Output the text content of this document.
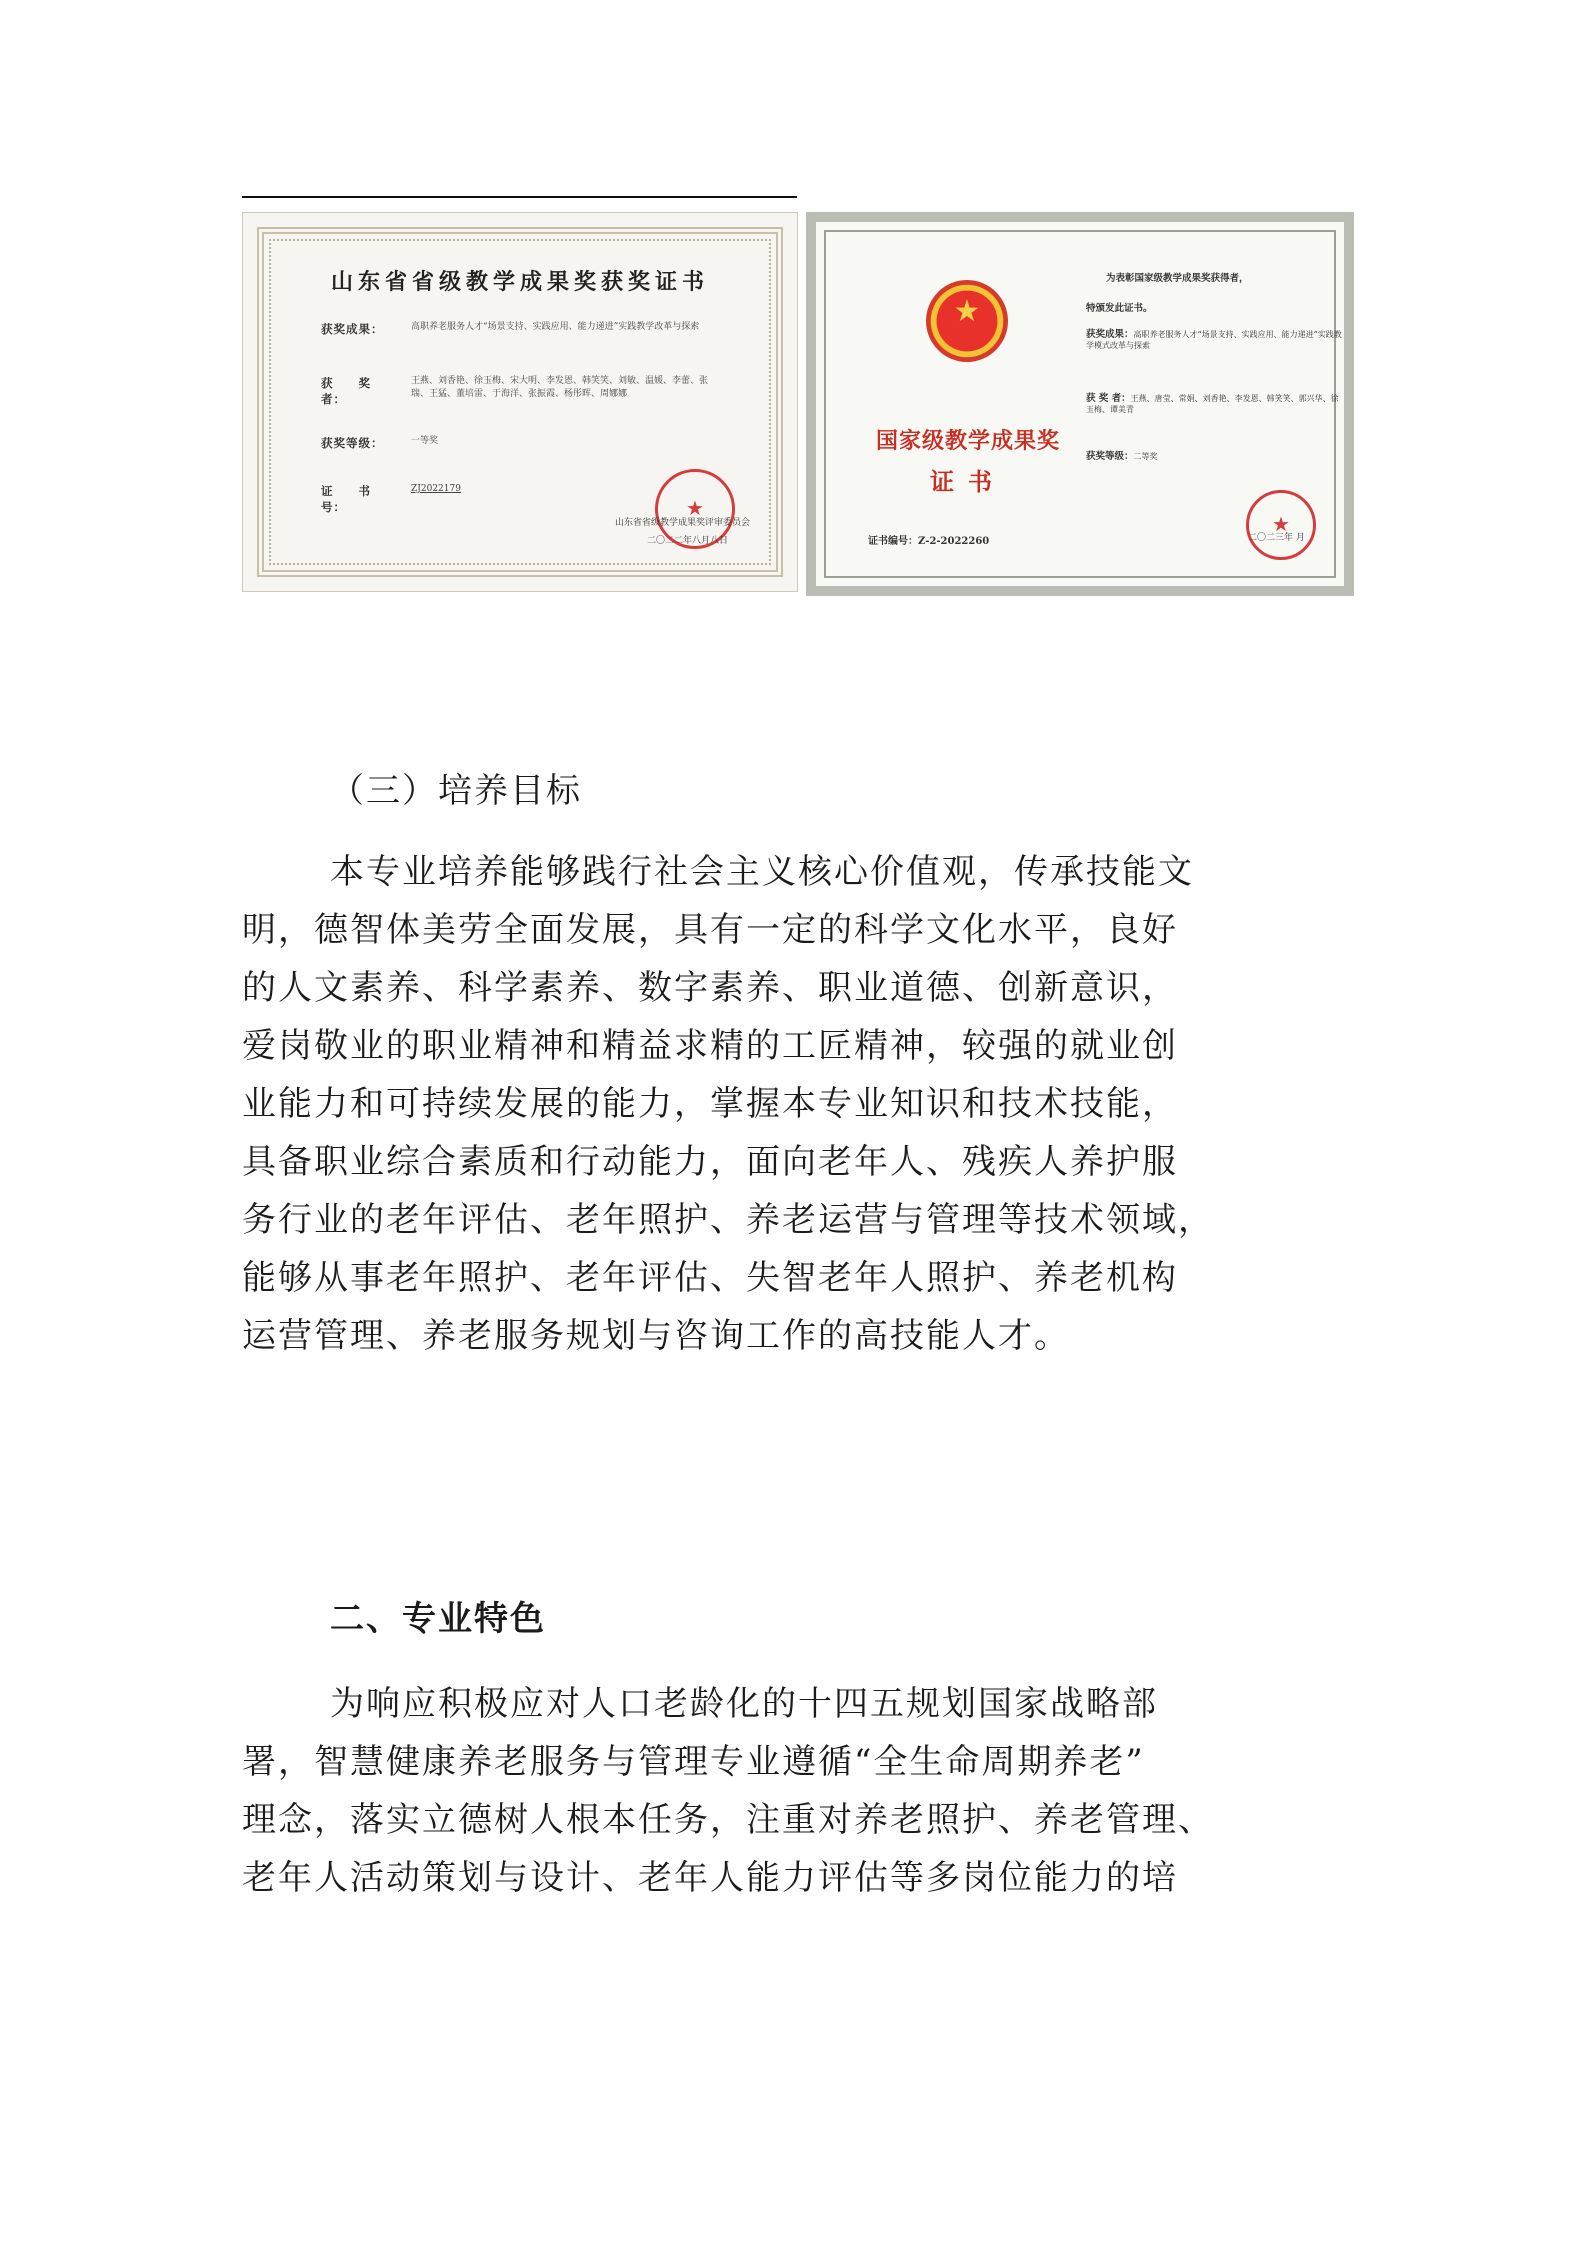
山东省省级教学成果奖获奖证书
获奖成果：	高职养老服务人才“场景支持、实践应用、能力递进”实践教学改革与探索
获　　奖　　者：王燕、刘香艳、徐玉梅、宋大明、李发恩、韩笑笑、刘敏、温媛、李蕾、张瑞、王猛、董培雷、于海洋、张振霞、杨彤晖、周娜娜
获奖等级：	一等奖
证　　书　　号：ZJ2022179
★
山东省省级教学成果奖评审委员会
二〇二二年八月八日
★
国家级教学成果奖
证书
为表彰国家级教学成果奖获得者，
特颁发此证书。
获奖成果：高职养老服务人才“场景支持、实践应用、能力递进”实践教学模式改革与探索
获 奖 者：王燕、唐莹、常娟、刘香艳、李发恩、韩笑笑、郭兴华、徐玉梅、谭美青
获奖等级：二等奖
★
证书编号：Z-2-2022260	二〇二三年 月
（三）培养目标
本专业培养能够践行社会主义核心价值观，传承技能文
明，德智体美劳全面发展，具有一定的科学文化水平，良好
的人文素养、科学素养、数字素养、职业道德、创新意识，
爱岗敬业的职业精神和精益求精的工匠精神，较强的就业创
业能力和可持续发展的能力，掌握本专业知识和技术技能，
具备职业综合素质和行动能力，面向老年人、残疾人养护服
务行业的老年评估、老年照护、养老运营与管理等技术领域，
能够从事老年照护、老年评估、失智老年人照护、养老机构
运营管理、养老服务规划与咨询工作的高技能人才。
二、专业特色
为响应积极应对人口老龄化的十四五规划国家战略部
署，智慧健康养老服务与管理专业遵循“全生命周期养老”
理念，落实立德树人根本任务，注重对养老照护、养老管理、
老年人活动策划与设计、老年人能力评估等多岗位能力的培
